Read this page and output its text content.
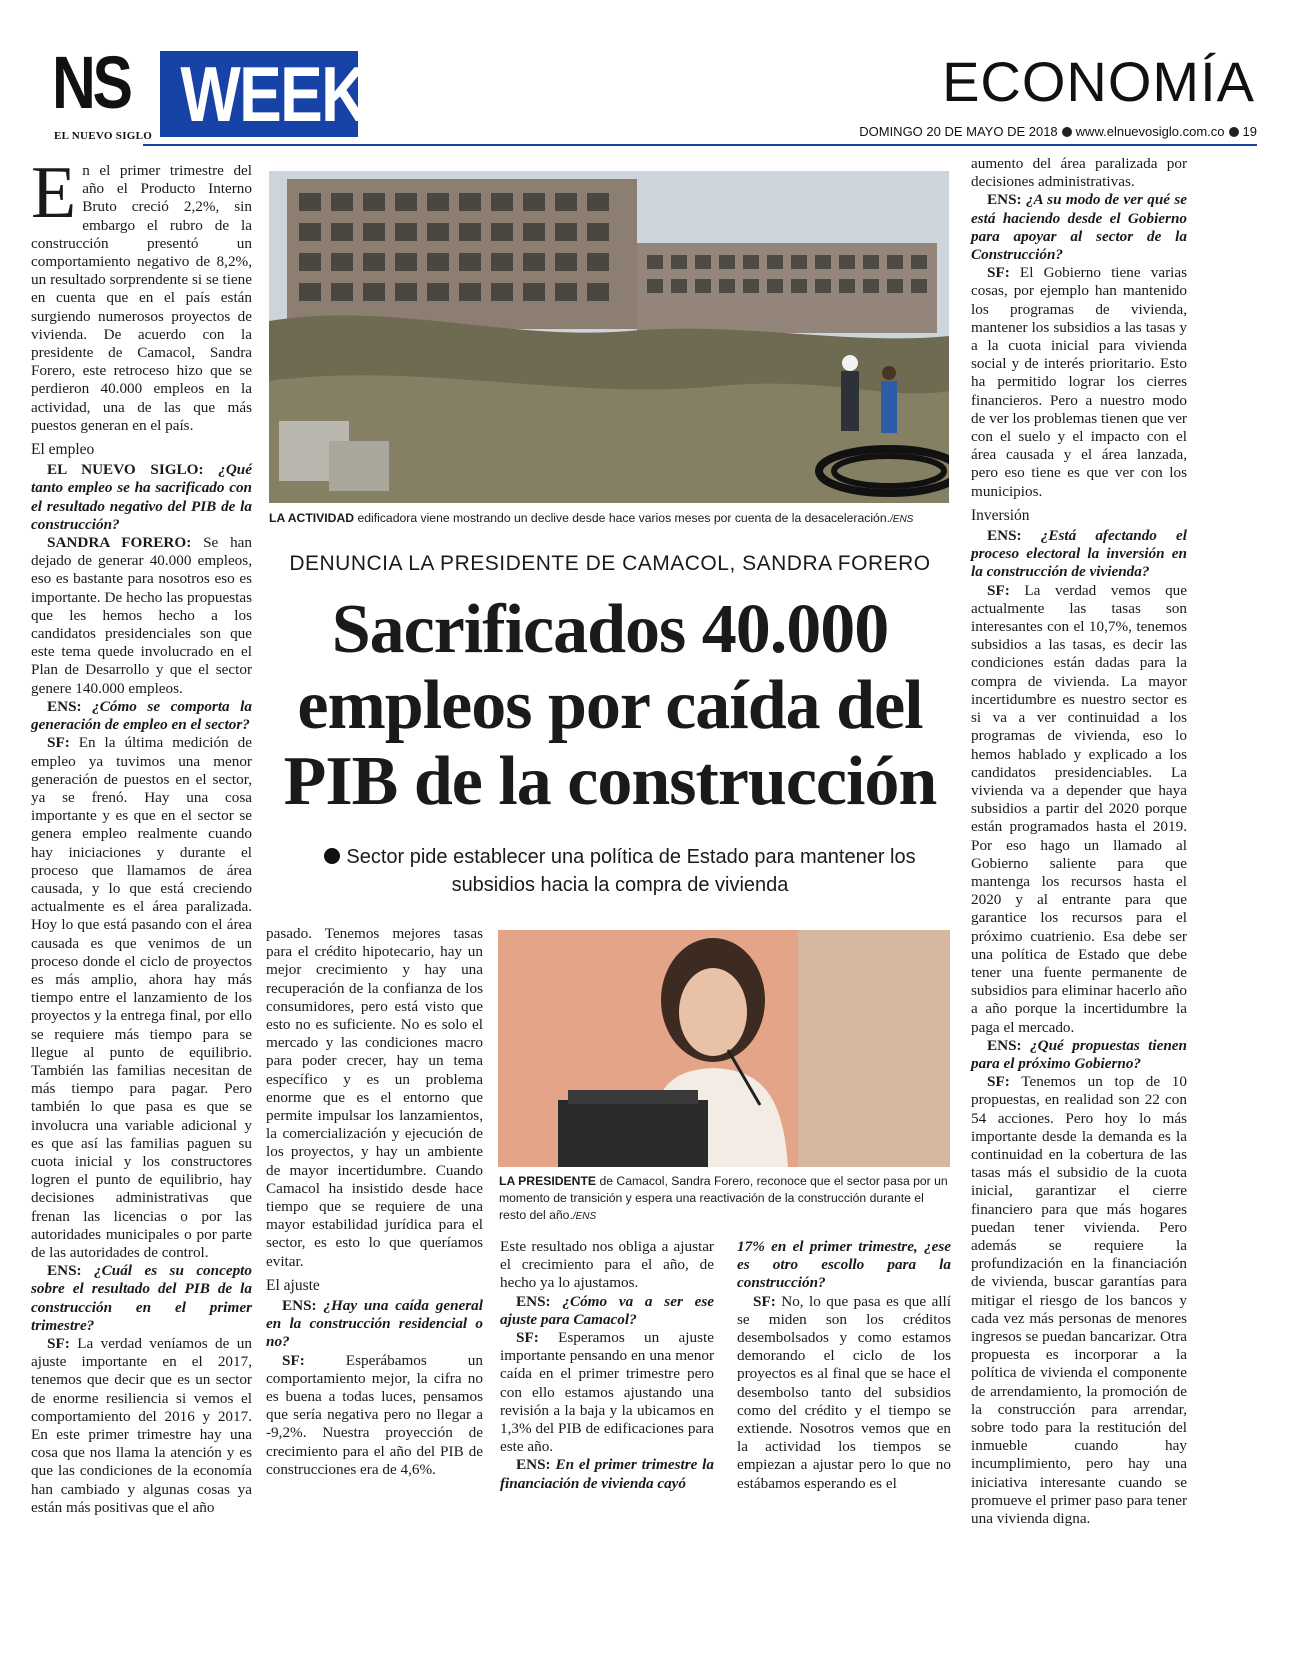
NS
EL NUEVO SIGLO WEEK	ECONOMÍA
DOMINGO 20 DE MAYO DE 2018 www.elnuevosiglo.com.co 19

En el primer trimestre del año el Producto Interno Bruto creció 2,2%, sin embargo el rubro de la construcción presentó un comportamiento negativo de 8,2%, un resultado sorprendente si se tiene en cuenta que en el país están surgiendo numerosos proyectos de vivienda. De acuerdo con la presidente de Camacol, Sandra Forero, este retroceso hizo que se perdieron 40.000 empleos en la actividad, una de las que más puestos generan en el país.

El empleo

EL NUEVO SIGLO: ¿Qué tanto empleo se ha sacrificado con el resultado negativo del PIB de la construcción?

SANDRA FORERO: Se han dejado de generar 40.000 empleos, eso es bastante para nosotros eso es importante. De hecho las propuestas que les hemos hecho a los candidatos presidenciales son que este tema quede involucrado en el Plan de Desarrollo y que el sector genere 140.000 empleos.

ENS: ¿Cómo se comporta la generación de empleo en el sector?

SF: En la última medición de empleo ya tuvimos una menor generación de puestos en el sector, ya se frenó. Hay una cosa importante y es que en el sector se genera empleo realmente cuando hay iniciaciones y durante el proceso que llamamos de área causada, y lo que está creciendo actualmente es el área paralizada. Hoy lo que está pasando con el área causada es que venimos de un proceso donde el ciclo de proyectos es más amplio, ahora hay más tiempo entre el lanzamiento de los proyectos y la entrega final, por ello se requiere más tiempo para se llegue al punto de equilibrio. También las familias necesitan de más tiempo para pagar. Pero también lo que pasa es que se involucra una variable adicional y es que así las familias paguen su cuota inicial y los constructores logren el punto de equilibrio, hay decisiones administrativas que frenan las licencias o por las autoridades municipales o por parte de las autoridades de control.

ENS: ¿Cuál es su concepto sobre el resultado del PIB de la construcción en el primer trimestre?

SF: La verdad veníamos de un ajuste importante en el 2017, tenemos que decir que es un sector de enorme resiliencia si vemos el comportamiento del 2016 y 2017. En este primer trimestre hay una cosa que nos llama la atención y es que las condiciones de la economía han cambiado y algunas cosas ya están más positivas que el año

LA ACTIVIDAD edificadora viene mostrando un declive desde hace varios meses por cuenta de la desaceleración./ENS
DENUNCIA LA PRESIDENTE DE CAMACOL, SANDRA FORERO
Sacrificados 40.000 empleos por caída del PIB de la construcción
Sector pide establecer una política de Estado para mantener los subsidios hacia la compra de vivienda

pasado. Tenemos mejores tasas para el crédito hipotecario, hay un mejor crecimiento y hay una recuperación de la confianza de los consumidores, pero está visto que esto no es suficiente. No es solo el mercado y las condiciones macro para poder crecer, hay un tema específico y es un problema enorme que es el entorno que permite impulsar los lanzamientos, la comercialización y ejecución de los proyectos, y hay un ambiente de mayor incertidumbre. Cuando Camacol ha insistido desde hace tiempo que se requiere de una mayor estabilidad jurídica para el sector, es esto lo que queríamos evitar.

El ajuste

ENS: ¿Hay una caída general en la construcción residencial o no?

SF: Esperábamos un comportamiento mejor, la cifra no es buena a todas luces, pensamos que sería negativa pero no llegar a -9,2%. Nuestra proyección de crecimiento para el año del PIB de construcciones era de 4,6%.

LA PRESIDENTE de Camacol, Sandra Forero, reconoce que el sector pasa por un momento de transición y espera una reactivación de la construcción durante el resto del año./ENS

Este resultado nos obliga a ajustar el crecimiento para el año, de hecho ya lo ajustamos.

ENS: ¿Cómo va a ser ese ajuste para Camacol?

SF: Esperamos un ajuste importante pensando en una menor caída en el primer trimestre pero con ello estamos ajustando una revisión a la baja y la ubicamos en 1,3% del PIB de edificaciones para este año.

ENS: En el primer trimestre la financiación de vivienda cayó

17% en el primer trimestre, ¿ese es otro escollo para la construcción?

SF: No, lo que pasa es que allí se miden son los créditos desembolsados y como estamos demorando el ciclo de los proyectos es al final que se hace el desembolso tanto del subsidios como del crédito y el tiempo se extiende. Nosotros vemos que en la actividad los tiempos se empiezan a ajustar pero lo que no estábamos esperando es el

aumento del área paralizada por decisiones administrativas.

ENS: ¿A su modo de ver qué se está haciendo desde el Gobierno para apoyar al sector de la Construcción?

SF: El Gobierno tiene varias cosas, por ejemplo han mantenido los programas de vivienda, mantener los subsidios a las tasas y a la cuota inicial para vivienda social y de interés prioritario. Esto ha permitido lograr los cierres financieros. Pero a nuestro modo de ver los problemas tienen que ver con el suelo y el impacto con el área causada y el área lanzada, pero eso tiene es que ver con los municipios.

Inversión

ENS: ¿Está afectando el proceso electoral la inversión en la construcción de vivienda?

SF: La verdad vemos que actualmente las tasas son interesantes con el 10,7%, tenemos subsidios a las tasas, es decir las condiciones están dadas para la compra de vivienda. La mayor incertidumbre es nuestro sector es si va a ver continuidad a los programas de vivienda, eso lo hemos hablado y explicado a los candidatos presidenciables. La vivienda va a depender que haya subsidios a partir del 2020 porque están programados hasta el 2019. Por eso hago un llamado al Gobierno saliente para que mantenga los recursos hasta el 2020 y al entrante para que garantice los recursos para el próximo cuatrienio. Esa debe ser una política de Estado que debe tener una fuente permanente de subsidios para eliminar hacerlo año a año porque la incertidumbre la paga el mercado.

ENS: ¿Qué propuestas tienen para el próximo Gobierno?

SF: Tenemos un top de 10 propuestas, en realidad son 22 con 54 acciones. Pero hoy lo más importante desde la demanda es la continuidad en la cobertura de las tasas más el subsidio de la cuota inicial, garantizar el cierre financiero para que más hogares puedan tener vivienda. Pero además se requiere la profundización en la financiación de vivienda, buscar garantías para mitigar el riesgo de los bancos y cada vez más personas de menores ingresos se puedan bancarizar. Otra propuesta es incorporar a la política de vivienda el componente de arrendamiento, la promoción de la construcción para arrendar, sobre todo para la restitución del inmueble cuando hay incumplimiento, pero hay una iniciativa interesante cuando se promueve el primer paso para tener una vivienda digna.
